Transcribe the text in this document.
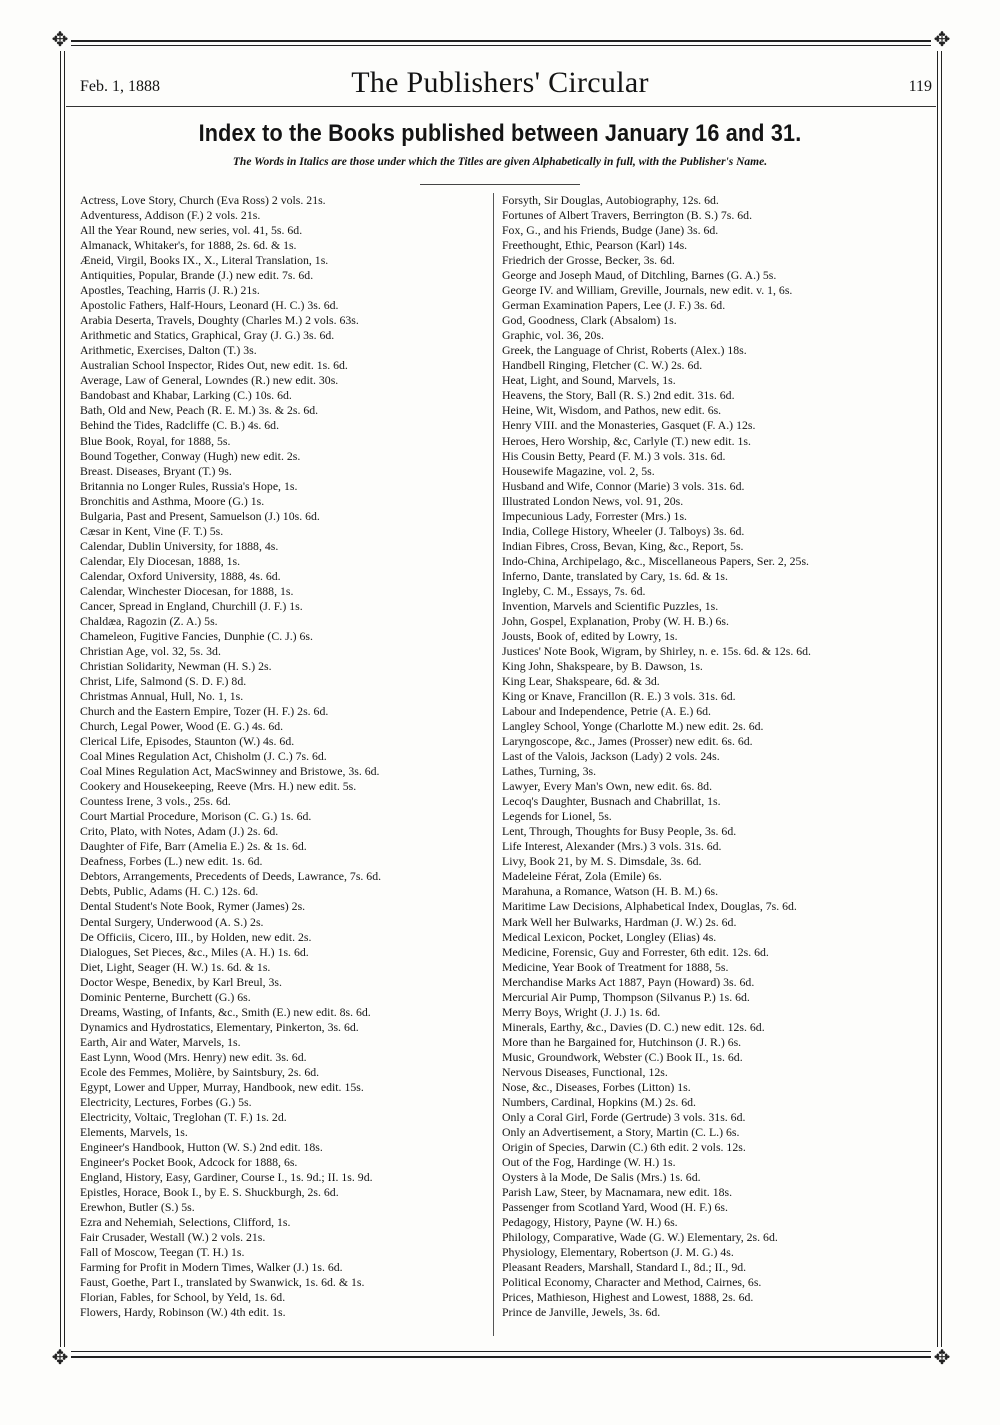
✥	✥
✥	✥
Feb. 1, 1888	The Publishers' Circular	119
Index to the Books published between January 16 and 31.
The Words in Italics are those under which the Titles are given Alphabetically in full, with the Publisher's Name.
Actress, Love Story, Church (Eva Ross) 2 vols. 21s.
Adventuress, Addison (F.) 2 vols. 21s.
All the Year Round, new series, vol. 41, 5s. 6d.
Almanack, Whitaker's, for 1888, 2s. 6d. & 1s.
Æneid, Virgil, Books IX., X., Literal Translation, 1s.
Antiquities, Popular, Brande (J.) new edit. 7s. 6d.
Apostles, Teaching, Harris (J. R.) 21s.
Apostolic Fathers, Half-Hours, Leonard (H. C.) 3s. 6d.
Arabia Deserta, Travels, Doughty (Charles M.) 2 vols. 63s.
Arithmetic and Statics, Graphical, Gray (J. G.) 3s. 6d.
Arithmetic, Exercises, Dalton (T.) 3s.
Australian School Inspector, Rides Out, new edit. 1s. 6d.
Average, Law of General, Lowndes (R.) new edit. 30s.
Bandobast and Khabar, Larking (C.) 10s. 6d.
Bath, Old and New, Peach (R. E. M.) 3s. & 2s. 6d.
Behind the Tides, Radcliffe (C. B.) 4s. 6d.
Blue Book, Royal, for 1888, 5s.
Bound Together, Conway (Hugh) new edit. 2s.
Breast. Diseases, Bryant (T.) 9s.
Britannia no Longer Rules, Russia's Hope, 1s.
Bronchitis and Asthma, Moore (G.) 1s.
Bulgaria, Past and Present, Samuelson (J.) 10s. 6d.
Cæsar in Kent, Vine (F. T.) 5s.
Calendar, Dublin University, for 1888, 4s.
Calendar, Ely Diocesan, 1888, 1s.
Calendar, Oxford University, 1888, 4s. 6d.
Calendar, Winchester Diocesan, for 1888, 1s.
Cancer, Spread in England, Churchill (J. F.) 1s.
Chaldæa, Ragozin (Z. A.) 5s.
Chameleon, Fugitive Fancies, Dunphie (C. J.) 6s.
Christian Age, vol. 32, 5s. 3d.
Christian Solidarity, Newman (H. S.) 2s.
Christ, Life, Salmond (S. D. F.) 8d.
Christmas Annual, Hull, No. 1, 1s.
Church and the Eastern Empire, Tozer (H. F.) 2s. 6d.
Church, Legal Power, Wood (E. G.) 4s. 6d.
Clerical Life, Episodes, Staunton (W.) 4s. 6d.
Coal Mines Regulation Act, Chisholm (J. C.) 7s. 6d.
Coal Mines Regulation Act, MacSwinney and Bristowe, 3s. 6d.
Cookery and Housekeeping, Reeve (Mrs. H.) new edit. 5s.
Countess Irene, 3 vols., 25s. 6d.
Court Martial Procedure, Morison (C. G.) 1s. 6d.
Crito, Plato, with Notes, Adam (J.) 2s. 6d.
Daughter of Fife, Barr (Amelia E.) 2s. & 1s. 6d.
Deafness, Forbes (L.) new edit. 1s. 6d.
Debtors, Arrangements, Precedents of Deeds, Lawrance, 7s. 6d.
Debts, Public, Adams (H. C.) 12s. 6d.
Dental Student's Note Book, Rymer (James) 2s.
Dental Surgery, Underwood (A. S.) 2s.
De Officiis, Cicero, III., by Holden, new edit. 2s.
Dialogues, Set Pieces, &c., Miles (A. H.) 1s. 6d.
Diet, Light, Seager (H. W.) 1s. 6d. & 1s.
Doctor Wespe, Benedix, by Karl Breul, 3s.
Dominic Penterne, Burchett (G.) 6s.
Dreams, Wasting, of Infants, &c., Smith (E.) new edit. 8s. 6d.
Dynamics and Hydrostatics, Elementary, Pinkerton, 3s. 6d.
Earth, Air and Water, Marvels, 1s.
East Lynn, Wood (Mrs. Henry) new edit. 3s. 6d.
Ecole des Femmes, Molière, by Saintsbury, 2s. 6d.
Egypt, Lower and Upper, Murray, Handbook, new edit. 15s.
Electricity, Lectures, Forbes (G.) 5s.
Electricity, Voltaic, Treglohan (T. F.) 1s. 2d.
Elements, Marvels, 1s.
Engineer's Handbook, Hutton (W. S.) 2nd edit. 18s.
Engineer's Pocket Book, Adcock for 1888, 6s.
England, History, Easy, Gardiner, Course I., 1s. 9d.; II. 1s. 9d.
Epistles, Horace, Book I., by E. S. Shuckburgh, 2s. 6d.
Erewhon, Butler (S.) 5s.
Ezra and Nehemiah, Selections, Clifford, 1s.
Fair Crusader, Westall (W.) 2 vols. 21s.
Fall of Moscow, Teegan (T. H.) 1s.
Farming for Profit in Modern Times, Walker (J.) 1s. 6d.
Faust, Goethe, Part I., translated by Swanwick, 1s. 6d. & 1s.
Florian, Fables, for School, by Yeld, 1s. 6d.
Flowers, Hardy, Robinson (W.) 4th edit. 1s.
Forsyth, Sir Douglas, Autobiography, 12s. 6d.
Fortunes of Albert Travers, Berrington (B. S.) 7s. 6d.
Fox, G., and his Friends, Budge (Jane) 3s. 6d.
Freethought, Ethic, Pearson (Karl) 14s.
Friedrich der Grosse, Becker, 3s. 6d.
George and Joseph Maud, of Ditchling, Barnes (G. A.) 5s.
George IV. and William, Greville, Journals, new edit. v. 1, 6s.
German Examination Papers, Lee (J. F.) 3s. 6d.
God, Goodness, Clark (Absalom) 1s.
Graphic, vol. 36, 20s.
Greek, the Language of Christ, Roberts (Alex.) 18s.
Handbell Ringing, Fletcher (C. W.) 2s. 6d.
Heat, Light, and Sound, Marvels, 1s.
Heavens, the Story, Ball (R. S.) 2nd edit. 31s. 6d.
Heine, Wit, Wisdom, and Pathos, new edit. 6s.
Henry VIII. and the Monasteries, Gasquet (F. A.) 12s.
Heroes, Hero Worship, &c, Carlyle (T.) new edit. 1s.
His Cousin Betty, Peard (F. M.) 3 vols. 31s. 6d.
Housewife Magazine, vol. 2, 5s.
Husband and Wife, Connor (Marie) 3 vols. 31s. 6d.
Illustrated London News, vol. 91, 20s.
Impecunious Lady, Forrester (Mrs.) 1s.
India, College History, Wheeler (J. Talboys) 3s. 6d.
Indian Fibres, Cross, Bevan, King, &c., Report, 5s.
Indo-China, Archipelago, &c., Miscellaneous Papers, Ser. 2, 25s.
Inferno, Dante, translated by Cary, 1s. 6d. & 1s.
Ingleby, C. M., Essays, 7s. 6d.
Invention, Marvels and Scientific Puzzles, 1s.
John, Gospel, Explanation, Proby (W. H. B.) 6s.
Jousts, Book of, edited by Lowry, 1s.
Justices' Note Book, Wigram, by Shirley, n. e. 15s. 6d. & 12s. 6d.
King John, Shakspeare, by B. Dawson, 1s.
King Lear, Shakspeare, 6d. & 3d.
King or Knave, Francillon (R. E.) 3 vols. 31s. 6d.
Labour and Independence, Petrie (A. E.) 6d.
Langley School, Yonge (Charlotte M.) new edit. 2s. 6d.
Laryngoscope, &c., James (Prosser) new edit. 6s. 6d.
Last of the Valois, Jackson (Lady) 2 vols. 24s.
Lathes, Turning, 3s.
Lawyer, Every Man's Own, new edit. 6s. 8d.
Lecoq's Daughter, Busnach and Chabrillat, 1s.
Legends for Lionel, 5s.
Lent, Through, Thoughts for Busy People, 3s. 6d.
Life Interest, Alexander (Mrs.) 3 vols. 31s. 6d.
Livy, Book 21, by M. S. Dimsdale, 3s. 6d.
Madeleine Férat, Zola (Emile) 6s.
Marahuna, a Romance, Watson (H. B. M.) 6s.
Maritime Law Decisions, Alphabetical Index, Douglas, 7s. 6d.
Mark Well her Bulwarks, Hardman (J. W.) 2s. 6d.
Medical Lexicon, Pocket, Longley (Elias) 4s.
Medicine, Forensic, Guy and Forrester, 6th edit. 12s. 6d.
Medicine, Year Book of Treatment for 1888, 5s.
Merchandise Marks Act 1887, Payn (Howard) 3s. 6d.
Mercurial Air Pump, Thompson (Silvanus P.) 1s. 6d.
Merry Boys, Wright (J. J.) 1s. 6d.
Minerals, Earthy, &c., Davies (D. C.) new edit. 12s. 6d.
More than he Bargained for, Hutchinson (J. R.) 6s.
Music, Groundwork, Webster (C.) Book II., 1s. 6d.
Nervous Diseases, Functional, 12s.
Nose, &c., Diseases, Forbes (Litton) 1s.
Numbers, Cardinal, Hopkins (M.) 2s. 6d.
Only a Coral Girl, Forde (Gertrude) 3 vols. 31s. 6d.
Only an Advertisement, a Story, Martin (C. L.) 6s.
Origin of Species, Darwin (C.) 6th edit. 2 vols. 12s.
Out of the Fog, Hardinge (W. H.) 1s.
Oysters à la Mode, De Salis (Mrs.) 1s. 6d.
Parish Law, Steer, by Macnamara, new edit. 18s.
Passenger from Scotland Yard, Wood (H. F.) 6s.
Pedagogy, History, Payne (W. H.) 6s.
Philology, Comparative, Wade (G. W.) Elementary, 2s. 6d.
Physiology, Elementary, Robertson (J. M. G.) 4s.
Pleasant Readers, Marshall, Standard I., 8d.; II., 9d.
Political Economy, Character and Method, Cairnes, 6s.
Prices, Mathieson, Highest and Lowest, 1888, 2s. 6d.
Prince de Janville, Jewels, 3s. 6d.
